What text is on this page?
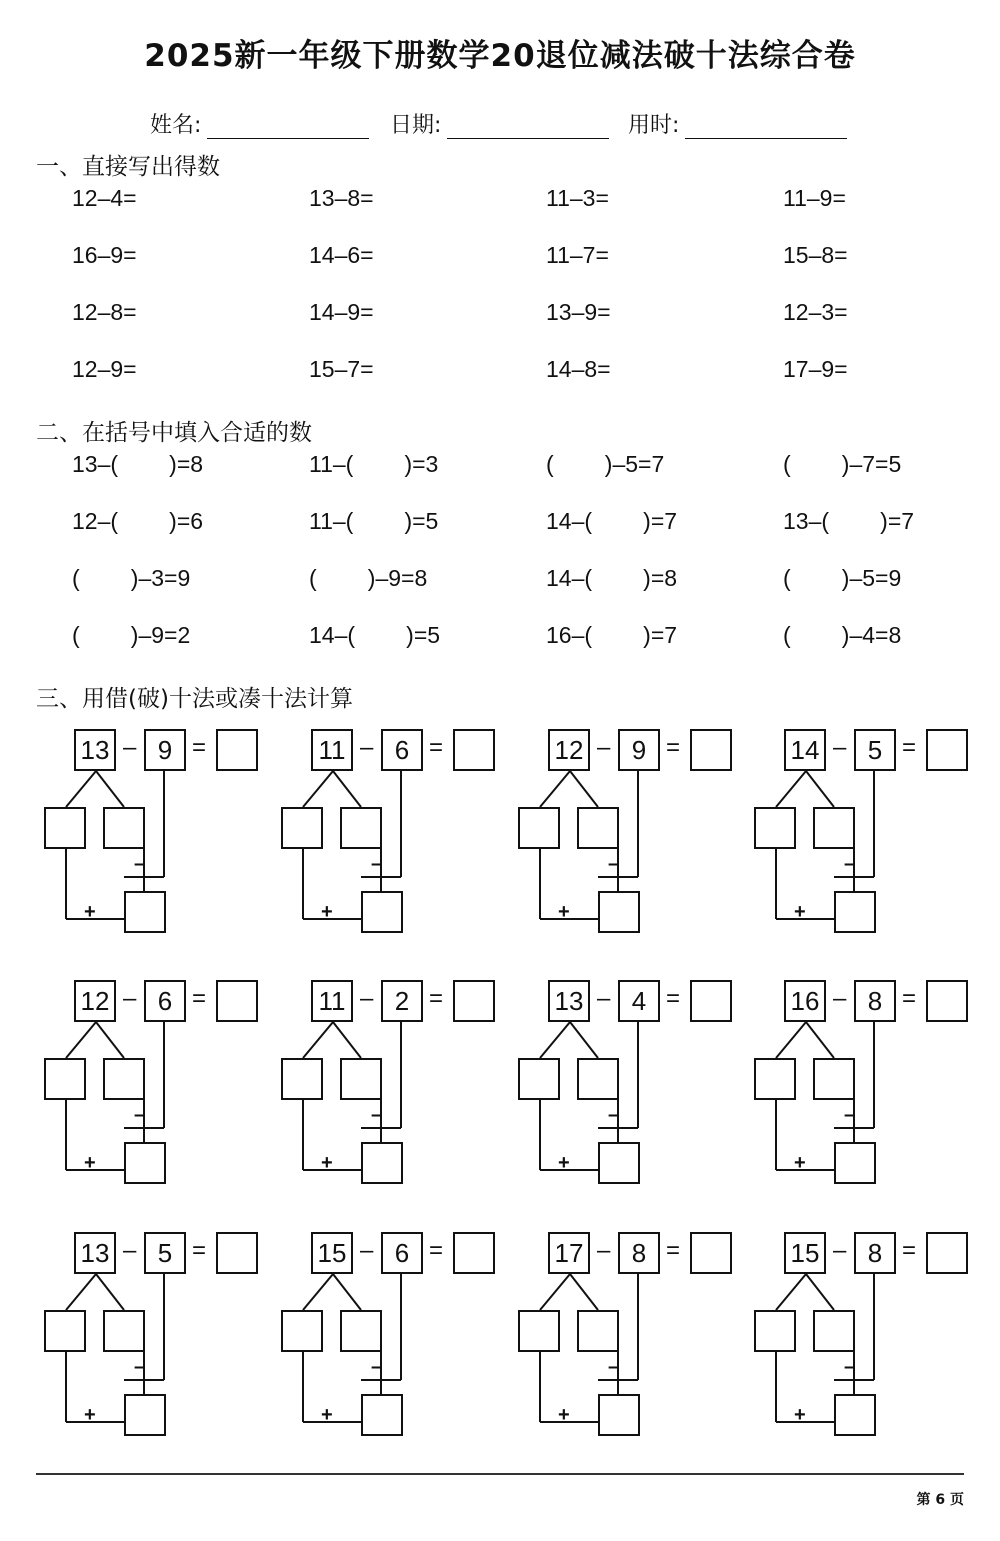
2025新一年级下册数学20退位减法破十法综合卷
姓名:	日期:	用时:
一、直接写出得数
12–4=	13–8=	11–3=	11–9=
16–9=	14–6=	11–7=	15–8=
12–8=	14–9=	13–9=	12–3=
12–9=	15–7=	14–8=	17–9=
二、在括号中填入合适的数
13–(        )=8	11–(        )=3	(        )–5=7	(        )–7=5
12–(        )=6	11–(        )=5	14–(        )=7	13–(        )=7
(        )–3=9	(        )–9=8	14–(        )=8	(        )–5=9
(        )–9=2	14–(        )=5	16–(        )=7	(        )–4=8
三、用借(破)十法或凑十法计算
13 – 9 =
–
+
11 – 6 =
–
+
12 – 9 =
–
+
14 – 5 =
–
+
12 – 6 =
–
+
11 – 2 =
–
+
13 – 4 =
–
+
16 – 8 =
–
+
13 – 5 =
–
+
15 – 6 =
–
+
17 – 8 =
–
+
15 – 8 =
–
+
第 6 页
